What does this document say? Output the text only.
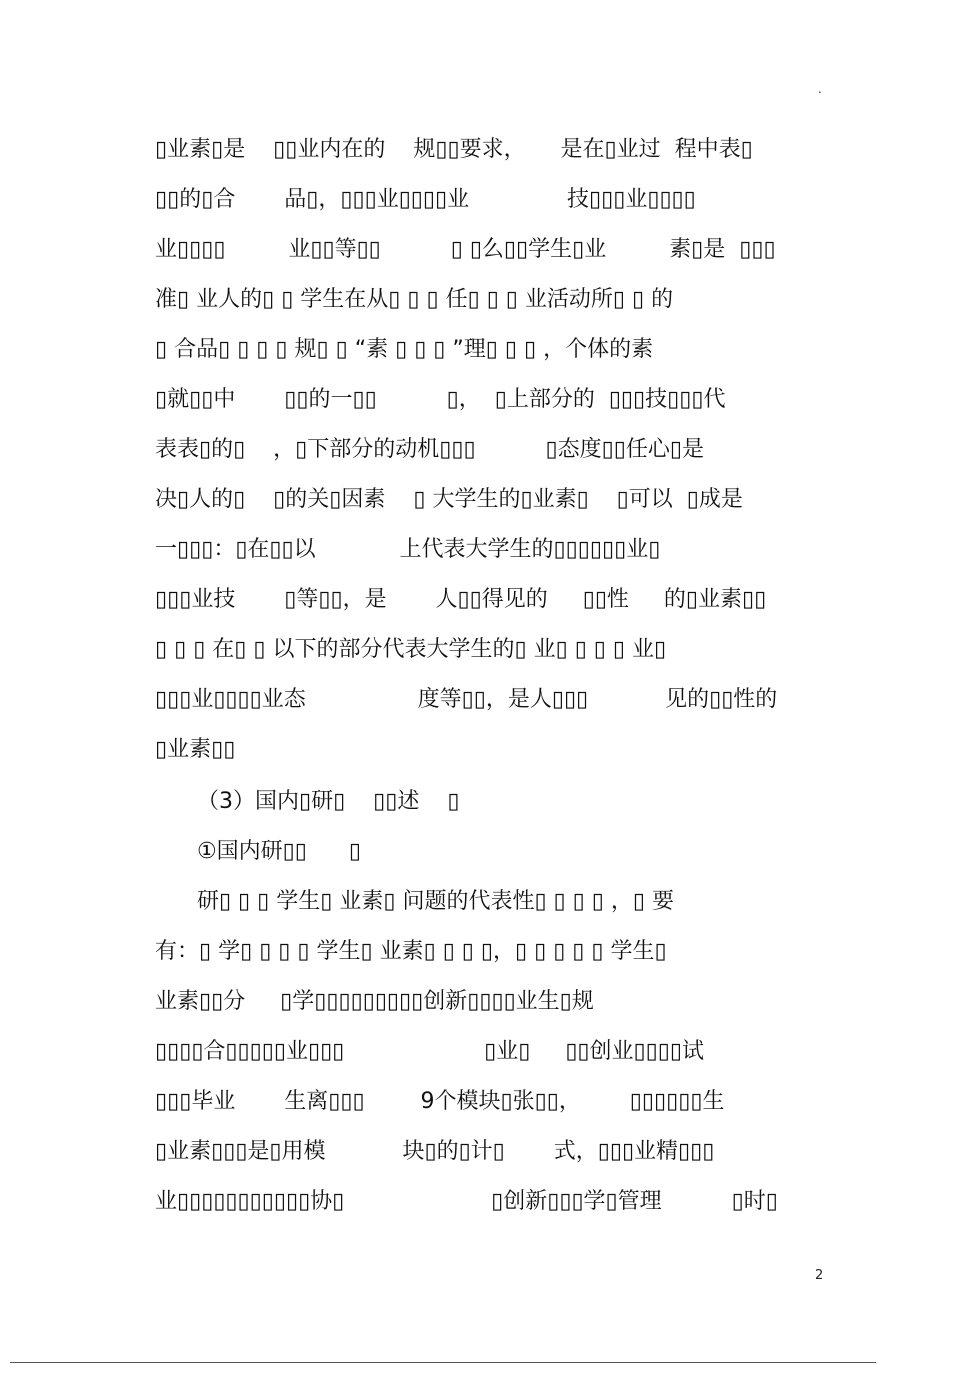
.
▯业素▯是    ▯▯业内在的    规▯▯要求，     是在▯业过  程中表▯
▯▯的▯合       品▯，▯▯▯业▯▯▯▯业              技▯▯▯业▯▯▯▯
业▯▯▯▯         业▯▯等▯▯          ▯ ▯么▯▯学生▯业         素▯是  ▯▯▯
准▯ 业人的▯ ▯ 学生在从▯ ▯ ▯ 任▯ ▯ ▯ 业活动所▯ ▯ 的
▯ 合品▯ ▯ ▯ ▯ 规▯ ▯ “素 ▯ ▯ ▯ ”理▯ ▯ ▯ ，个体的素
▯就▯▯中       ▯▯的一▯▯          ▯，  ▯上部分的  ▯▯▯技▯▯▯代
表表▯的▯    ，▯下部分的动机▯▯▯          ▯态度▯▯任心▯是
决▯人的▯    ▯的关▯因素    ▯ 大学生的▯业素▯    ▯可以  ▯成是
一▯▯▯：▯在▯▯以            上代表大学生的▯▯▯▯▯▯业▯
▯▯▯业技       ▯等▯▯，是       人▯▯得见的     ▯▯性     的▯业素▯▯
▯ ▯ ▯ 在▯ ▯ 以下的部分代表大学生的▯ 业▯ ▯ ▯ ▯ 业▯
▯▯▯业▯▯▯▯业态                度等▯▯，是人▯▯▯           见的▯▯性的
▯业素▯▯
（3）国内▯研▯    ▯▯述    ▯
①国内研▯▯      ▯
研▯ ▯ ▯ 学生▯ 业素▯ 问题的代表性▯ ▯ ▯ ▯ ，▯ 要
有：▯ 学▯ ▯ ▯ ▯ 学生▯ 业素▯ ▯ ▯ ▯，▯ ▯ ▯ ▯ ▯ 学生▯
业素▯▯分     ▯学▯▯▯▯▯▯▯▯▯创新▯▯▯▯业生▯规
▯▯▯▯合▯▯▯▯▯业▯▯▯                    ▯业▯     ▯▯创业▯▯▯▯试
▯▯▯毕业       生离▯▯▯        9个模块▯张▯▯，       ▯▯▯▯▯▯生
▯业素▯▯▯是▯用模           块▯的▯计▯       式，▯▯▯业精▯▯▯
业▯▯▯▯▯▯▯▯▯▯▯协▯                     ▯创新▯▯▯学▯管理          ▯时▯
2
